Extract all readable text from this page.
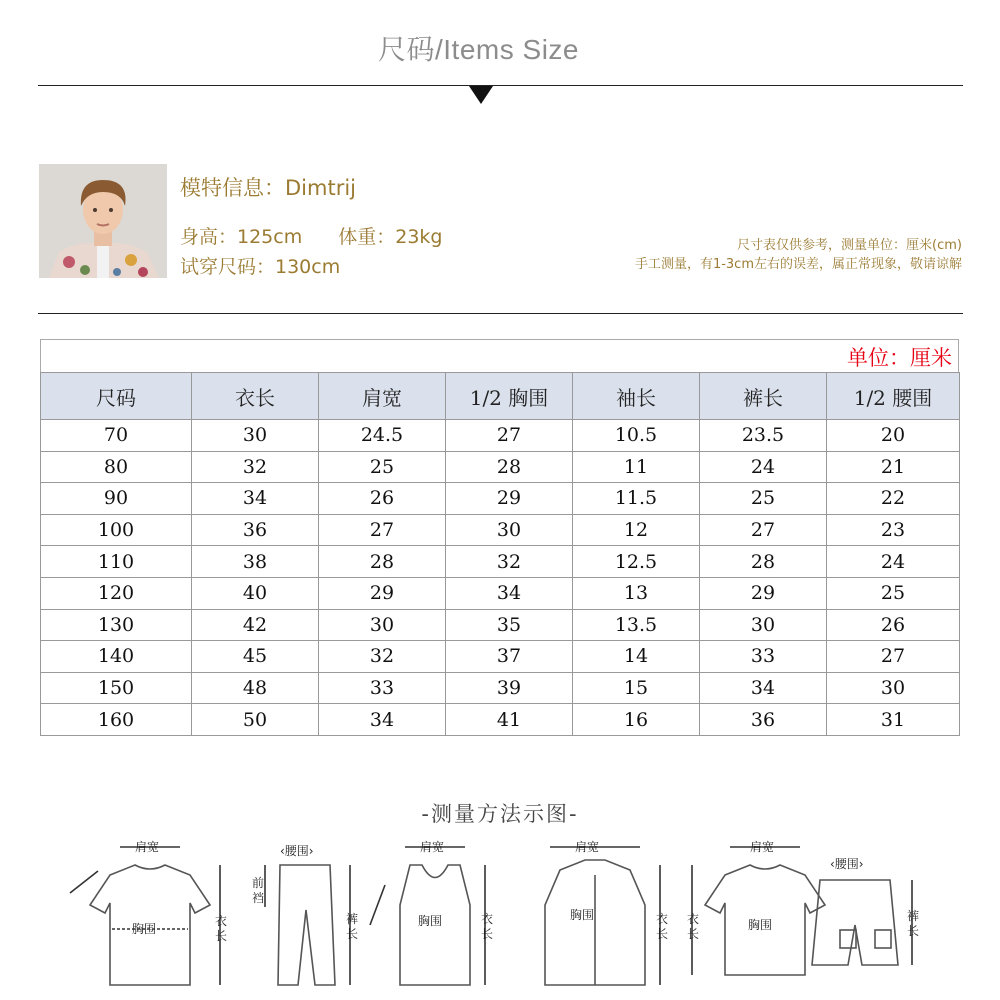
尺码/Items Size
模特信息：Dimtrij
身高：125cm 体重：23kg
试穿尺码：130cm
尺寸表仅供参考，测量单位：厘米(cm)
手工测量，有1-3cm左右的误差，属正常现象，敬请谅解
单位：厘米
尺码	衣长	肩宽	1/2 胸围	袖长	裤长	1/2 腰围
70	30	24.5	27	10.5	23.5	20
80	32	25	28	11	24	21
90	34	26	29	11.5	25	22
100	36	27	30	12	27	23
110	38	28	32	12.5	28	24
120	40	29	34	13	29	25
130	42	30	35	13.5	30	26
140	45	32	37	14	33	27
150	48	33	39	15	34	30
160	50	34	41	16	36	31
-测量方法示图-
肩宽
胸围
衣
长
‹腰围›
前
裆
裤
长
肩宽
胸围	衣
长
肩宽
胸围	衣
长
肩宽
胸围
衣
长
‹腰围›
裤
长
